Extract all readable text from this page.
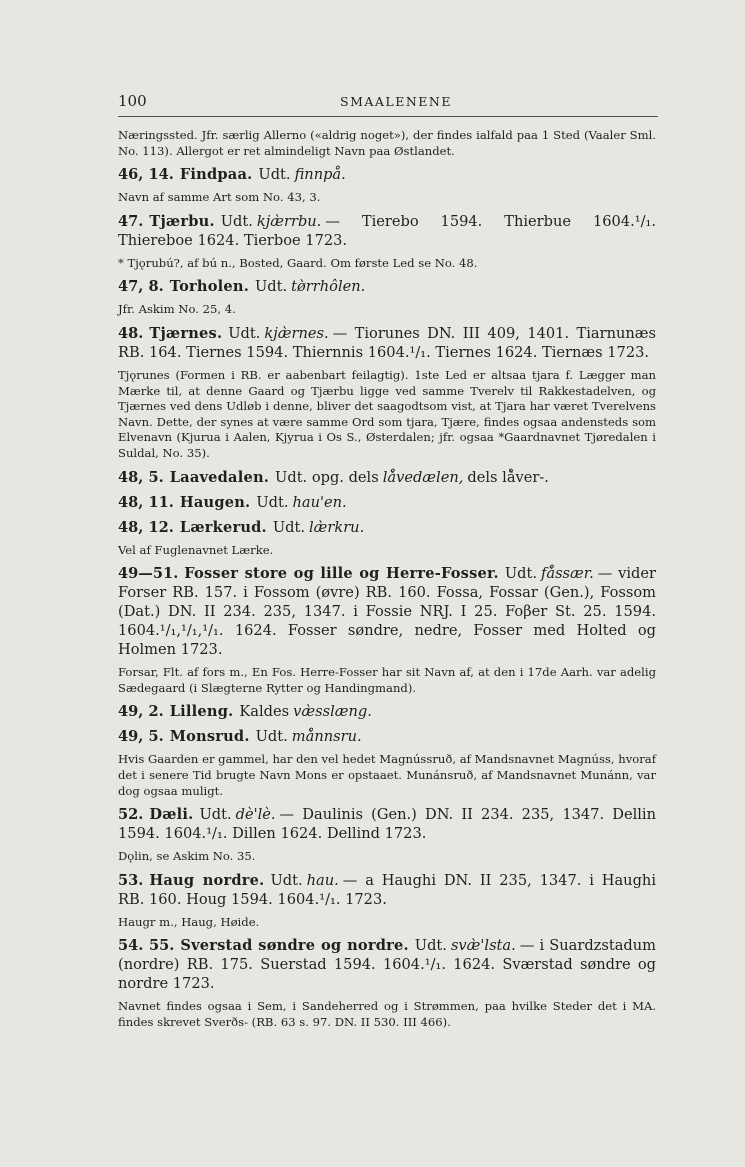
100	SMAALENENE

Næringssted. Jfr. særlig Allerno («aldrig noget»), der findes ialfald paa 1 Sted (Vaaler Sml. No. 113). Allergot er ret almindeligt Navn paa Østlandet.

46, 14. Findpaa. Udt. finnpå.

Navn af samme Art som No. 43, 3.

47. Tjærbu. Udt. kjæ̀rrbu. — Tierebo 1594. Thierbue 1604.¹/₁. Thiereboe 1624. Tierboe 1723.

* Tjǫrubú?, af bú n., Bosted, Gaard. Om første Led se No. 48.

47, 8. Torholen. Udt. tø̀rrhôlen.

Jfr. Askim No. 25, 4.

48. Tjærnes. Udt. kjæ̀rnes. — Tiorunes DN. III 409, 1401. Tiarnunæs RB. 164. Tiernes 1594. Thiernnis 1604.¹/₁. Tiernes 1624. Tiernæs 1723.

Tjǫrunes (Formen i RB. er aabenbart feilagtig). 1ste Led er altsaa tjara f. Lægger man Mærke til, at denne Gaard og Tjærbu ligge ved samme Tverelv til Rakkestadelven, og Tjærnes ved dens Udløb i denne, bliver det saagodtsom vist, at Tjara har været Tverelvens Navn. Dette, der synes at være samme Ord som tjara, Tjære, findes ogsaa andensteds som Elvenavn (Kjurua i Aalen, Kjyrua i Os S., Østerdalen; jfr. ogsaa *Gaardnavnet Tjøredalen i Suldal, No. 35).

48, 5. Laavedalen. Udt. opg. dels lå̀vedælen, dels lå̀ver-.

48, 11. Haugen. Udt. hau'en.

48, 12. Lærkerud. Udt. læ̀rkru.

Vel af Fuglenavnet Lærke.

49—51. Fosser store og lille og Herre-Fosser. Udt. få̀ssær. — vider Forser RB. 157. i Fossom (øvre) RB. 160. Fossa, Fossar (Gen.), Fossom (Dat.) DN. II 234. 235, 1347. i Fossie NRJ. I 25. Foβer St. 25. 1594. 1604.¹/₁,¹/₁,¹/₁. 1624. Fosser søndre, nedre, Fosser med Holted og Holmen 1723.

Forsar, Flt. af fors m., En Fos. Herre-Fosser har sit Navn af, at den i 17de Aarh. var adelig Sædegaard (i Slægterne Rytter og Handingmand).

49, 2. Lilleng. Kaldes væ̀sslæng.

49, 5. Monsrud. Udt. må̀nnsru.

Hvis Gaarden er gammel, har den vel hedet Magnússruð, af Mandsnavnet Magnúss, hvoraf det i senere Tid brugte Navn Mons er opstaaet. Munánsruð, af Mandsnavnet Munánn, var dog ogsaa muligt.

52. Dæli. Udt. dè'lè. — Daulinis (Gen.) DN. II 234. 235, 1347. Dellin 1594. 1604.¹/₁. Dillen 1624. Dellind 1723.

Dǫlin, se Askim No. 35.

53. Haug nordre. Udt. hau. — a Haughi DN. II 235, 1347. i Haughi RB. 160. Houg 1594. 1604.¹/₁. 1723.

Haugr m., Haug, Høide.

54. 55. Sverstad søndre og nordre. Udt. svæ̀'lsta. — i Suardzstadum (nordre) RB. 175. Suerstad 1594. 1604.¹/₁. 1624. Sværstad søndre og nordre 1723.

Navnet findes ogsaa i Sem, i Sandeherred og i Strømmen, paa hvilke Steder det i MA. findes skrevet Sverðs- (RB. 63 s. 97. DN. II 530. III 466).
